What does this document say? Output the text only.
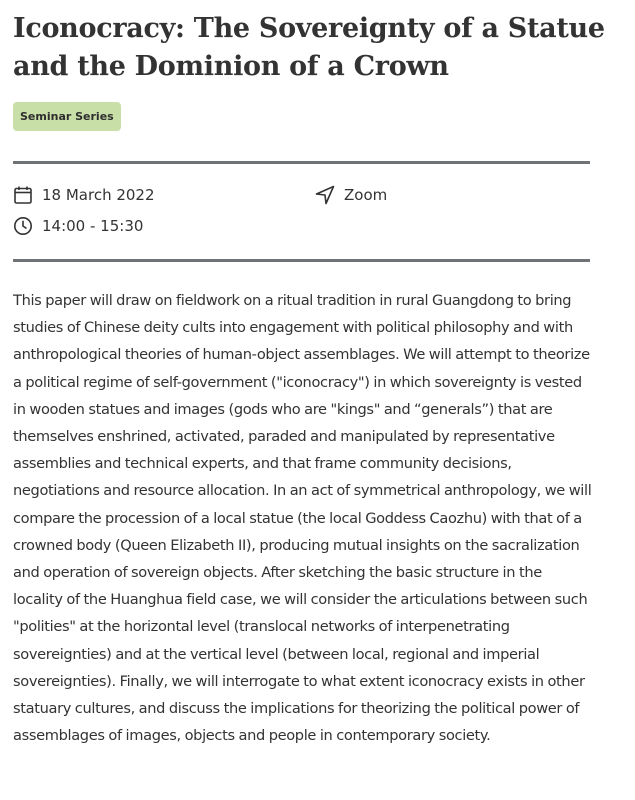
Iconocracy: The Sovereignty of a Statue and the Dominion of a Crown
Seminar Series
18 March 2022
14:00 - 15:30
Zoom

This paper will draw on fieldwork on a ritual tradition in rural Guangdong to bring studies of Chinese deity cults into engagement with political philosophy and with anthropological theories of human-object assemblages. We will attempt to theorize a political regime of self-government ("iconocracy") in which sovereignty is vested in wooden statues and images (gods who are "kings" and “generals”) that are themselves enshrined, activated, paraded and manipulated by representative assemblies and technical experts, and that frame community decisions, negotiations and resource allocation. In an act of symmetrical anthropology, we will compare the procession of a local statue (the local Goddess Caozhu) with that of a crowned body (Queen Elizabeth II), producing mutual insights on the sacralization and operation of sovereign objects. After sketching the basic structure in the locality of the Huanghua field case, we will consider the articulations between such "polities" at the horizontal level (translocal networks of interpenetrating sovereignties) and at the vertical level (between local, regional and imperial sovereignties). Finally, we will interrogate to what extent iconocracy exists in other statuary cultures, and discuss the implications for theorizing the political power of assemblages of images, objects and people in contemporary society.
